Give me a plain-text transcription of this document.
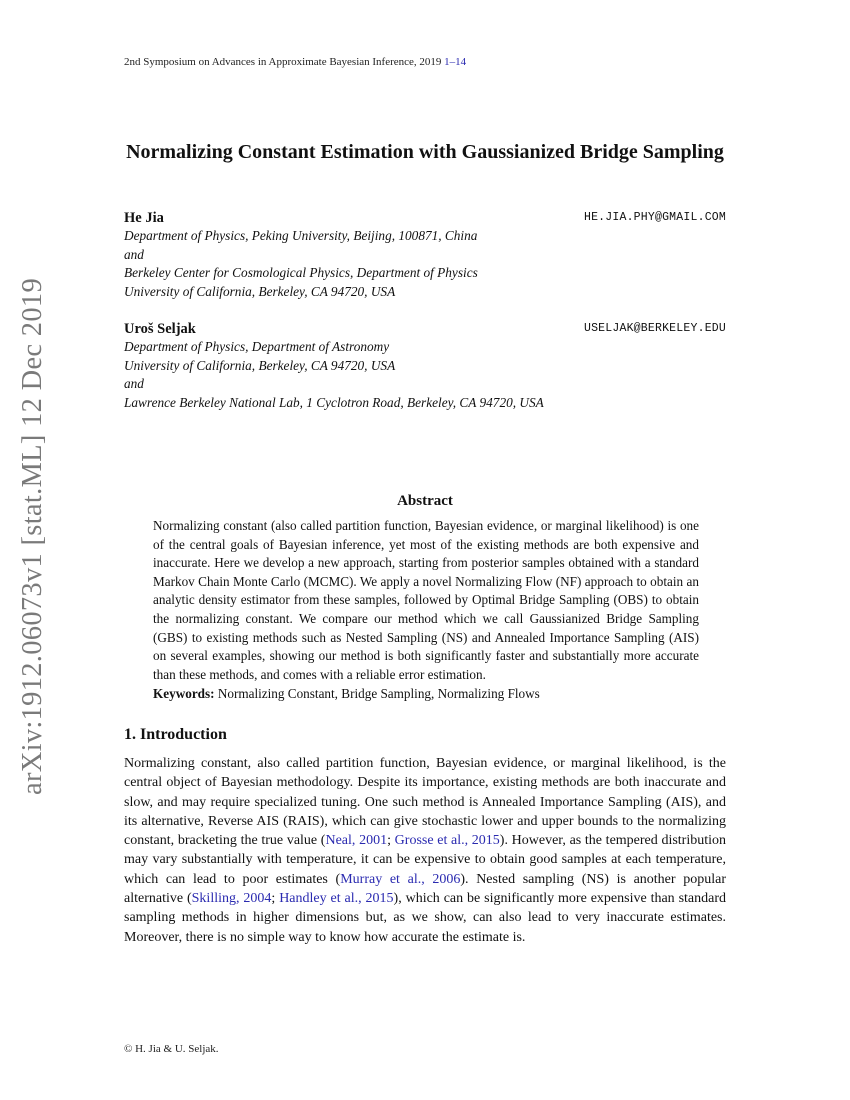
2nd Symposium on Advances in Approximate Bayesian Inference, 2019 1–14
arXiv:1912.06073v1 [stat.ML] 12 Dec 2019
Normalizing Constant Estimation with Gaussianized Bridge Sampling
He Jia	HE.JIA.PHY@GMAIL.COM
Department of Physics, Peking University, Beijing, 100871, China
and
Berkeley Center for Cosmological Physics, Department of Physics
University of California, Berkeley, CA 94720, USA
Uroš Seljak	USELJAK@BERKELEY.EDU
Department of Physics, Department of Astronomy
University of California, Berkeley, CA 94720, USA
and
Lawrence Berkeley National Lab, 1 Cyclotron Road, Berkeley, CA 94720, USA
Abstract
Normalizing constant (also called partition function, Bayesian evidence, or marginal likelihood) is one of the central goals of Bayesian inference, yet most of the existing methods are both expensive and inaccurate. Here we develop a new approach, starting from posterior samples obtained with a standard Markov Chain Monte Carlo (MCMC). We apply a novel Normalizing Flow (NF) approach to obtain an analytic density estimator from these samples, followed by Optimal Bridge Sampling (OBS) to obtain the normalizing constant. We compare our method which we call Gaussianized Bridge Sampling (GBS) to existing methods such as Nested Sampling (NS) and Annealed Importance Sampling (AIS) on several examples, showing our method is both significantly faster and substantially more accurate than these methods, and comes with a reliable error estimation.
Keywords: Normalizing Constant, Bridge Sampling, Normalizing Flows
1. Introduction
Normalizing constant, also called partition function, Bayesian evidence, or marginal likelihood, is the central object of Bayesian methodology. Despite its importance, existing methods are both inaccurate and slow, and may require specialized tuning. One such method is Annealed Importance Sampling (AIS), and its alternative, Reverse AIS (RAIS), which can give stochastic lower and upper bounds to the normalizing constant, bracketing the true value (Neal, 2001; Grosse et al., 2015). However, as the tempered distribution may vary substantially with temperature, it can be expensive to obtain good samples at each temperature, which can lead to poor estimates (Murray et al., 2006). Nested sampling (NS) is another popular alternative (Skilling, 2004; Handley et al., 2015), which can be significantly more expensive than standard sampling methods in higher dimensions but, as we show, can also lead to very inaccurate estimates. Moreover, there is no simple way to know how accurate the estimate is.
© H. Jia & U. Seljak.
